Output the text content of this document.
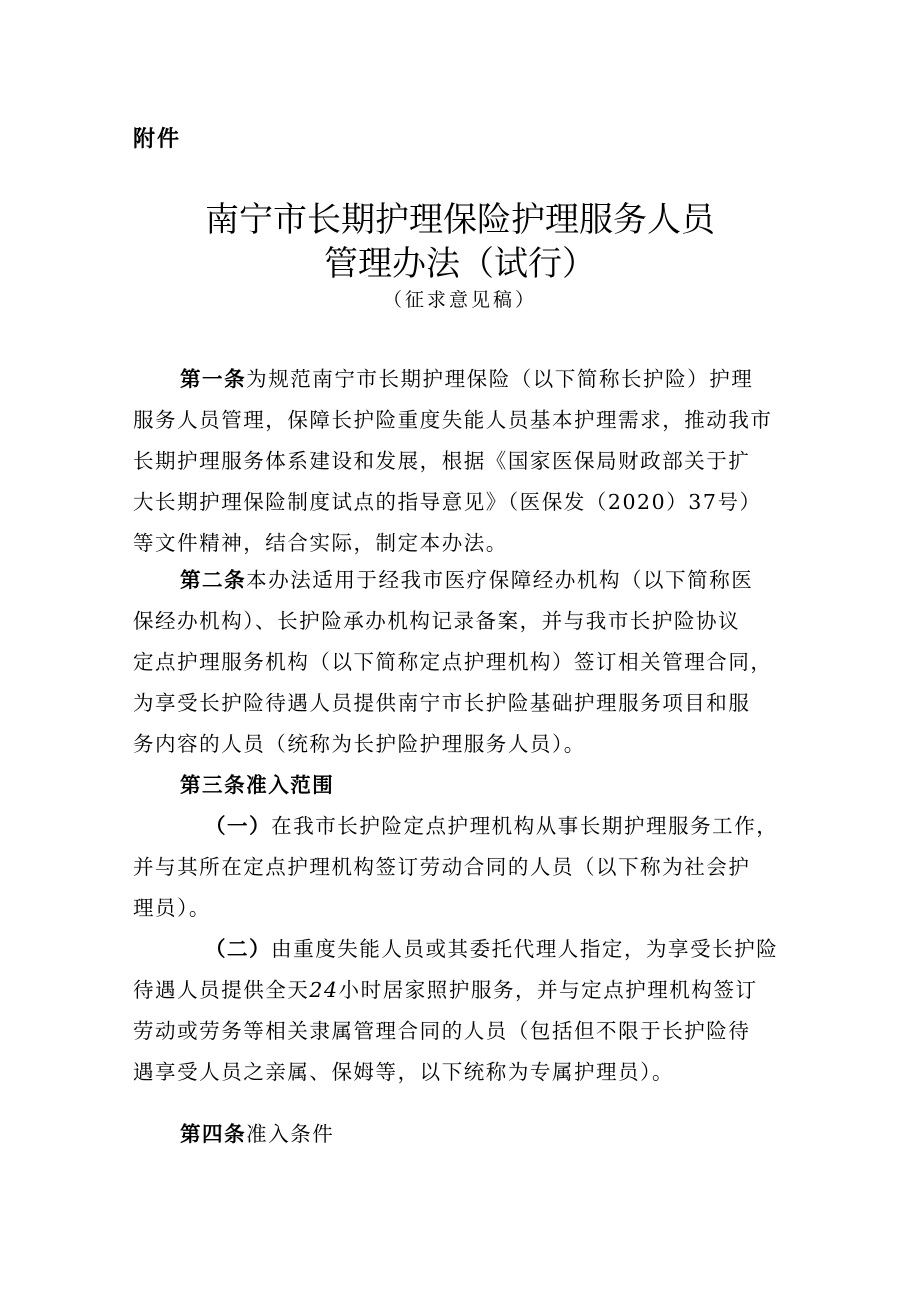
附件
南宁市长期护理保险护理服务人员
管理办法（试行）
（征求意见稿）
第一条为规范南宁市长期护理保险（以下简称长护险）护理
服务人员管理，保障长护险重度失能人员基本护理需求，推动我市
长期护理服务体系建设和发展，根据《国家医保局财政部关于扩
大长期护理保险制度试点的指导意见》（医保发（2020）37号）
等文件精神，结合实际，制定本办法。
第二条本办法适用于经我市医疗保障经办机构（以下简称医
保经办机构）、长护险承办机构记录备案，并与我市长护险协议
定点护理服务机构（以下简称定点护理机构）签订相关管理合同，
为享受长护险待遇人员提供南宁市长护险基础护理服务项目和服
务内容的人员（统称为长护险护理服务人员）。
第三条准入范围
（一）在我市长护险定点护理机构从事长期护理服务工作，
并与其所在定点护理机构签订劳动合同的人员（以下称为社会护
理员）。
（二）由重度失能人员或其委托代理人指定，为享受长护险
待遇人员提供全天24小时居家照护服务，并与定点护理机构签订
劳动或劳务等相关隶属管理合同的人员（包括但不限于长护险待
遇享受人员之亲属、保姆等，以下统称为专属护理员）。
第四条准入条件
